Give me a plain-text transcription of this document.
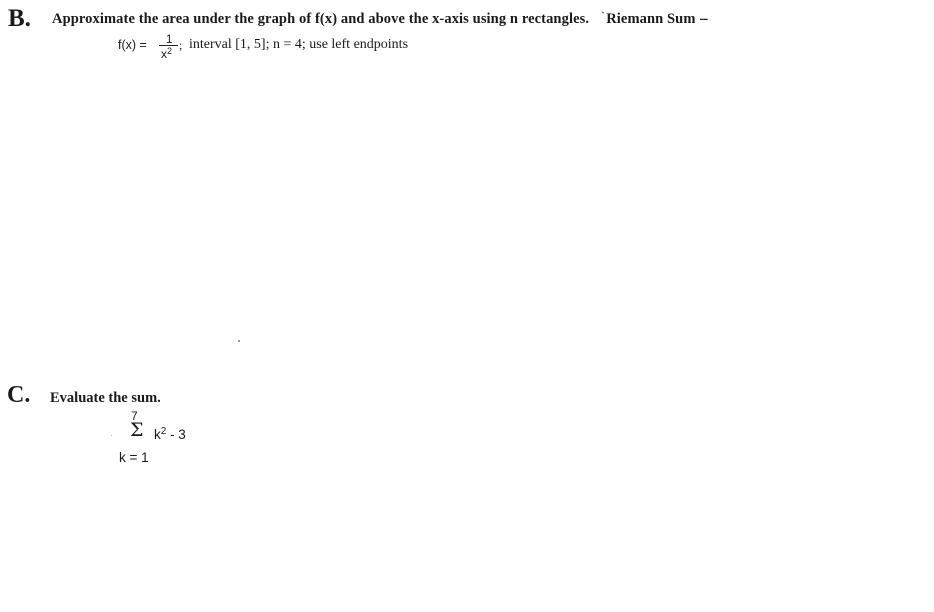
B. Approximate the area under the graph of f(x) and above the x-axis using n rectangles. `Riemann Sum --
f(x) = 1
$x^2$ ; interval [1, 5]; n = 4; use left endpoints
C. Evaluate the sum.
7
Σ $k^2 - 3$
k = 1
